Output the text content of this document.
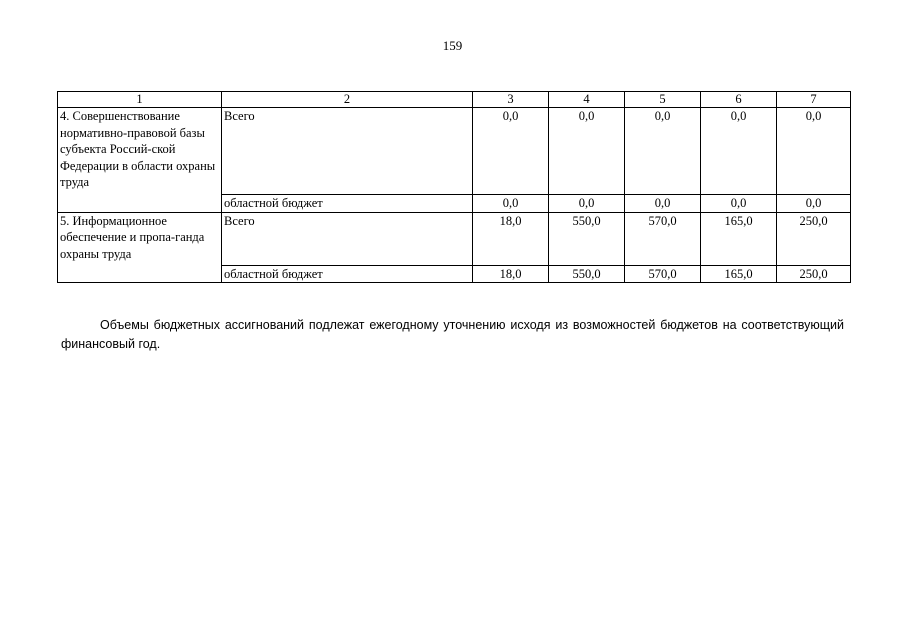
159
1	2	3	4	5	6	7
4. Совершенствование нормативно-правовой базы субъекта Россий-ской Федерации в области охраны труда	Всего	0,0	0,0	0,0	0,0	0,0
	областной бюджет	0,0	0,0	0,0	0,0	0,0
5. Информационное обеспечение и пропа-ганда охраны труда	Всего	18,0	550,0	570,0	165,0	250,0
	областной бюджет	18,0	550,0	570,0	165,0	250,0

Объемы бюджетных ассигнований подлежат ежегодному уточнению исходя из возможностей бюджетов на соответствующий финансовый год.
